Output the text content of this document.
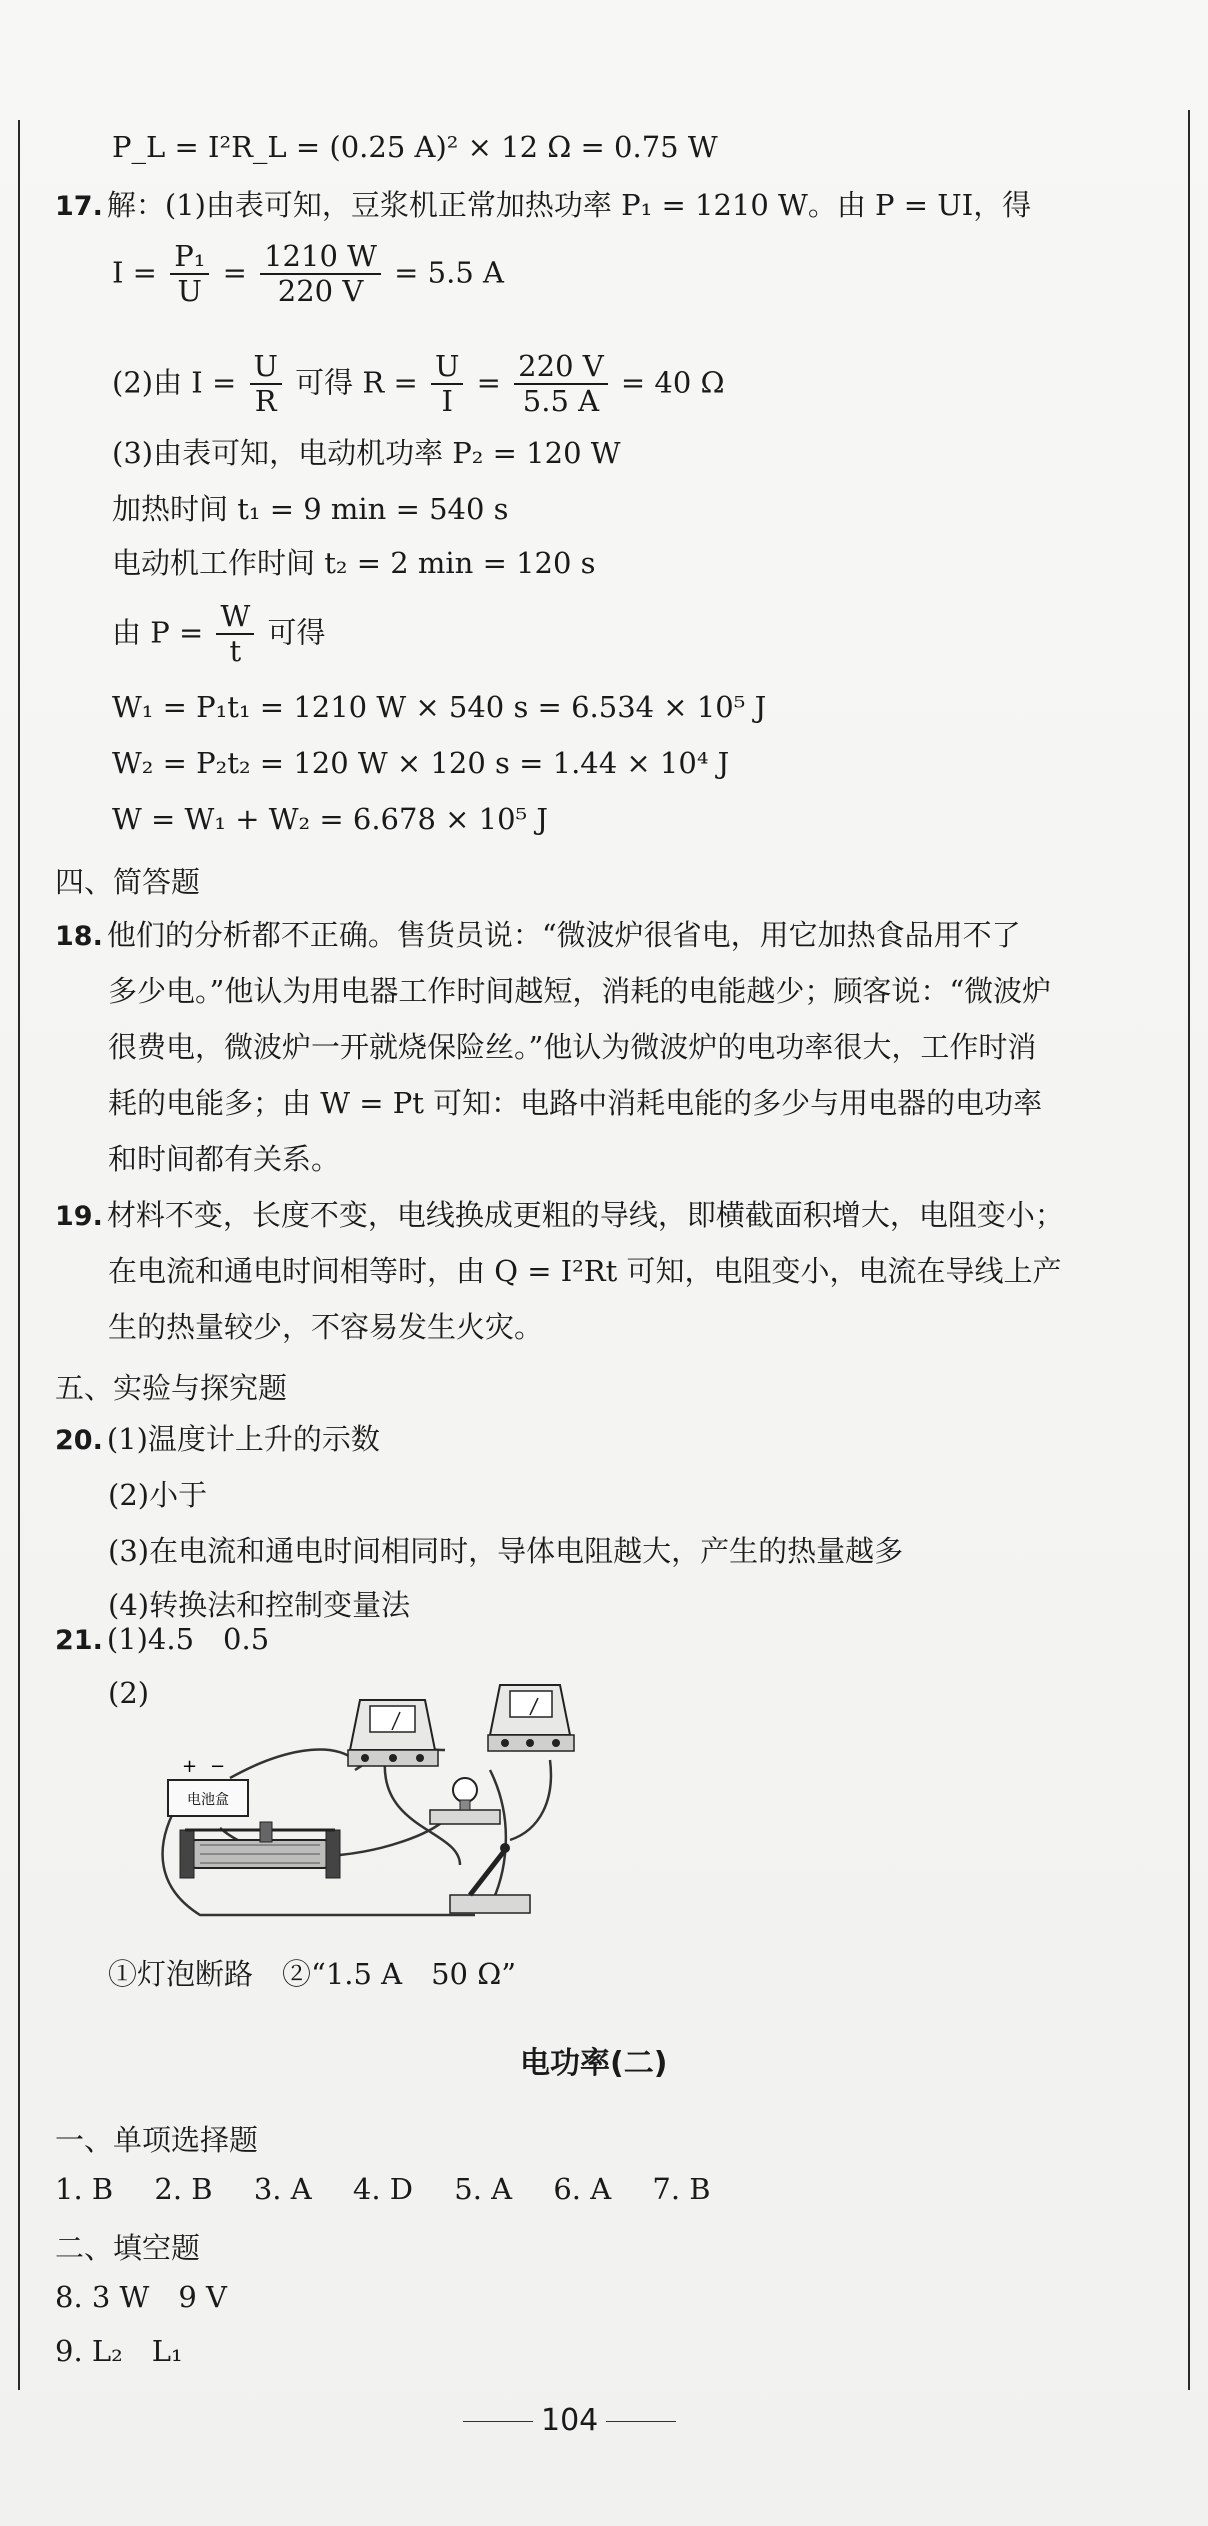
P_L = I²R_L = (0.25 A)² × 12 Ω = 0.75 W
17. 解：(1)由表可知，豆浆机正常加热功率 P₁ = 1210 W。由 P = UI，得
$I = \frac{\text{P₁}}{U} = \frac{1210 W}{220 V} = 5.5$ A
(2)由 $I = \frac{U}{R}$ 可得 $R = \frac{U}{I} = \frac{220 V}{5.5 A} = 40$ Ω
(3)由表可知，电动机功率 P₂ = 120 W
加热时间 t₁ = 9 min = 540 s
电动机工作时间 t₂ = 2 min = 120 s
由 $P = \frac{W}{t}$ 可得
W₁ = P₁t₁ = 1210 W × 540 s = 6.534 × 10⁵ J
W₂ = P₂t₂ = 120 W × 120 s = 1.44 × 10⁴ J
W = W₁ + W₂ = 6.678 × 10⁵ J
四、简答题
18. 他们的分析都不正确。售货员说：“微波炉很省电，用它加热食品用不了
多少电。”他认为用电器工作时间越短，消耗的电能越少；顾客说：“微波炉
很费电，微波炉一开就烧保险丝。”他认为微波炉的电功率很大，工作时消
耗的电能多；由 W = Pt 可知：电路中消耗电能的多少与用电器的电功率
和时间都有关系。
19. 材料不变，长度不变，电线换成更粗的导线，即横截面积增大，电阻变小；
在电流和通电时间相等时，由 Q = I²Rt 可知，电阻变小，电流在导线上产
生的热量较少，不容易发生火灾。
五、实验与探究题
20. (1)温度计上升的示数
(2)小于
(3)在电流和通电时间相同时，导体电阻越大，产生的热量越多
(4)转换法和控制变量法
21. (1)4.5　0.5
(2)
电池盒
+ −
①灯泡断路　②“1.5 A　50 Ω”
电功率(二)
一、单项选择题
1. B 2. B 3. A 4. D 5. A 6. A 7. B
二、填空题
8. 3 W　9 V
9. L₂　L₁
104
